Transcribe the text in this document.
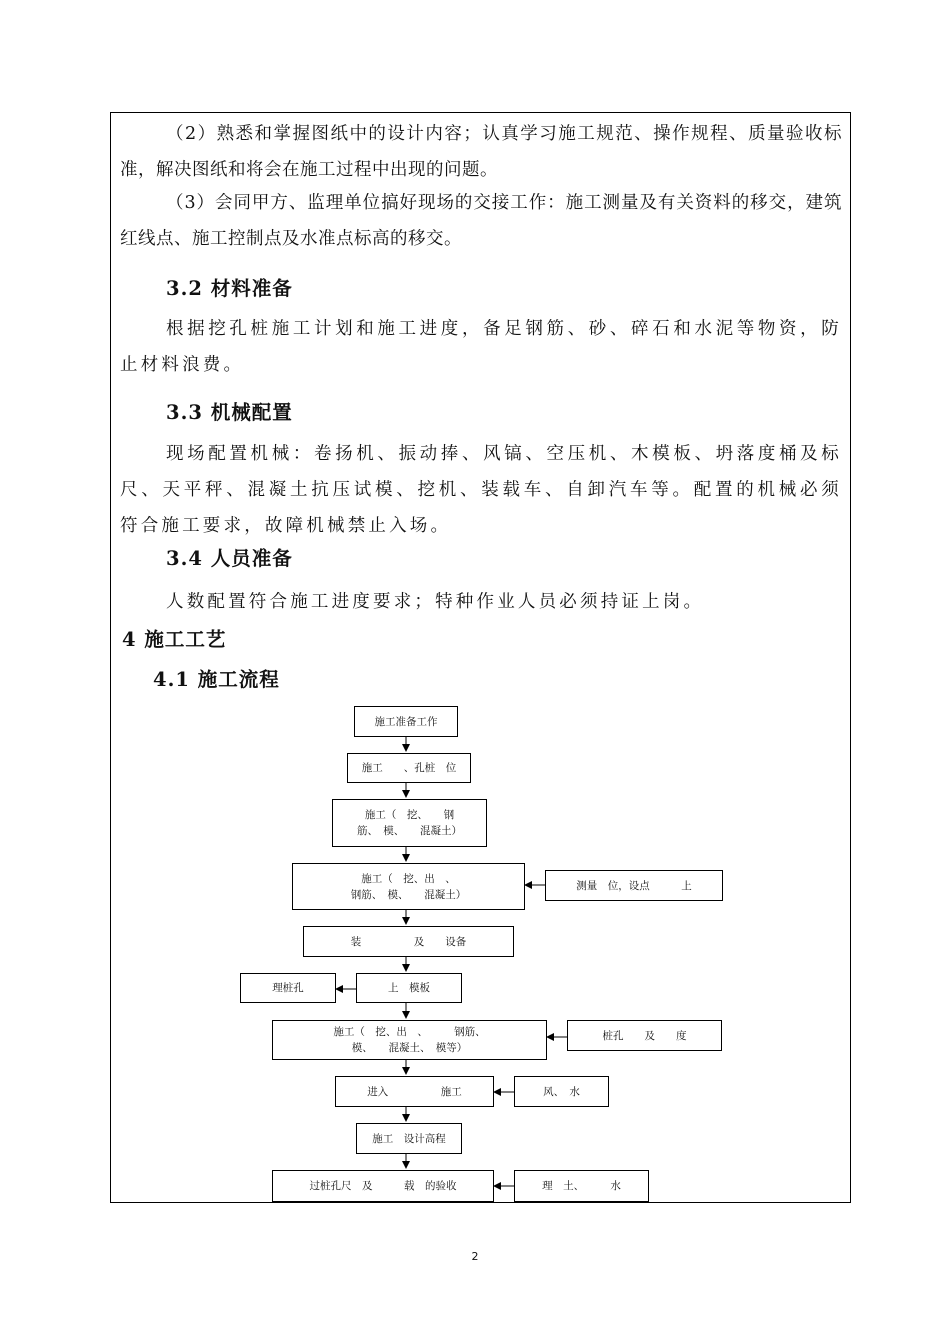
（2）熟悉和掌握图纸中的设计内容；认真学习施工规范、操作规程、质量验收标准，解决图纸和将会在施工过程中出现的问题。

（3）会同甲方、监理单位搞好现场的交接工作：施工测量及有关资料的移交，建筑红线点、施工控制点及水准点标高的移交。

3.2 材料准备

根据挖孔桩施工计划和施工进度，备足钢筋、砂、碎石和水泥等物资，防止材料浪费。

3.3 机械配置

现场配置机械：卷扬机、振动捧、风镐、空压机、木模板、坍落度桶及标尺、天平秤、混凝土抗压试模、挖机、装载车、自卸汽车等。配置的机械必须符合施工要求，故障机械禁止入场。

3.4 人员准备

人数配置符合施工进度要求；特种作业人员必须持证上岗。

4 施工工艺
4.1 施工流程
施工准备工作
施工　　、孔桩　位
施工（　挖、　　钢
筋、　模、　　混凝土）
施工（　挖、出　、
钢筋、　模、　　混凝土）
测量　位，设点　　　上
装　　　　　及　　设备
理桩孔	上　模板
施工（　挖、出　、　　　钢筋、
模、　　混凝土、　模等）
桩孔　　及　　度
进入　　　　　施工	风、　水
施工　设计高程
过桩孔尺　及　　　载　的验收	理　土、　　　水
2
